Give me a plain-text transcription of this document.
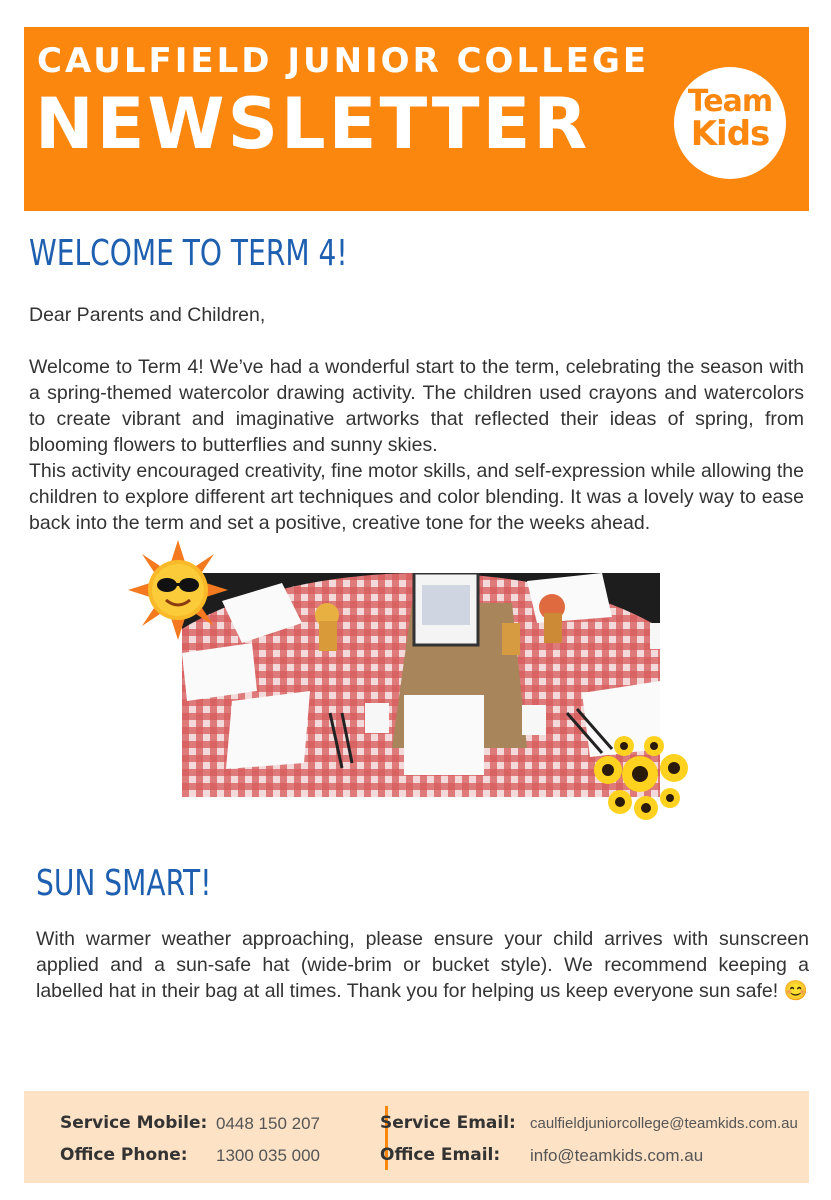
CAULFIELD JUNIOR COLLEGE
NEWSLETTER	Team
Kids
WELCOME TO TERM 4!

Dear Parents and Children,

Welcome to Term 4! We’ve had a wonderful start to the term, celebrating the season with a spring-themed watercolor drawing activity. The children used crayons and watercolors to create vibrant and imaginative artworks that reflected their ideas of spring, from blooming flowers to butterflies and sunny skies.

This activity encouraged creativity, fine motor skills, and self-expression while allowing the children to explore different art techniques and color blending. It was a lovely way to ease back into the term and set a positive, creative tone for the weeks ahead.

SUN SMART!

With warmer weather approaching, please ensure your child arrives with sunscreen applied and a sun-safe hat (wide-brim or bucket style). We recommend keeping a labelled hat in their bag at all times. Thank you for helping us keep everyone sun safe! 😊

Service Mobile: 0448 150 207
Office Phone: 1300 035 000
Service Email: caulfieldjuniorcollege@teamkids.com.au
Office Email: info@teamkids.com.au
